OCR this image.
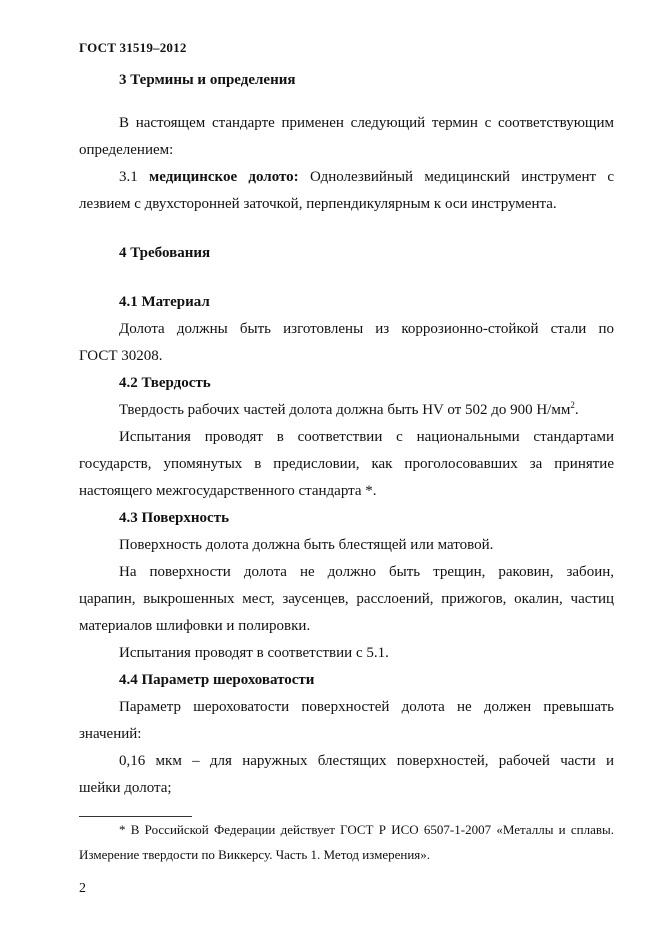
ГОСТ 31519–2012
3 Термины и определения
В настоящем стандарте применен следующий термин с соответствующим
определением:
3.1 медицинское долото: Однолезвийный медицинский инструмент с
лезвием с двухсторонней заточкой, перпендикулярным к оси инструмента.
4 Требования
4.1 Материал
Долота должны быть изготовлены из коррозионно-стойкой стали по
ГОСТ 30208.
4.2 Твердость
Твердость рабочих частей долота должна быть HV от 502 до 900 $Н/мм^2$.
Испытания проводят в соответствии с национальными стандартами
государств, упомянутых в предисловии, как проголосовавших за принятие
настоящего межгосударственного стандарта *.
4.3 Поверхность
Поверхность долота должна быть блестящей или матовой.
На поверхности долота не должно быть трещин, раковин, забоин,
царапин, выкрошенных мест, заусенцев, расслоений, прижогов, окалин, частиц
материалов шлифовки и полировки.
Испытания проводят в соответствии с 5.1.
4.4 Параметр шероховатости
Параметр шероховатости поверхностей долота не должен превышать
значений:
0,16 мкм – для наружных блестящих поверхностей, рабочей части и
шейки долота;
* В Российской Федерации действует ГОСТ Р ИСО 6507-1-2007 «Металлы и сплавы.
Измерение твердости по Виккерсу. Часть 1. Метод измерения».
2
